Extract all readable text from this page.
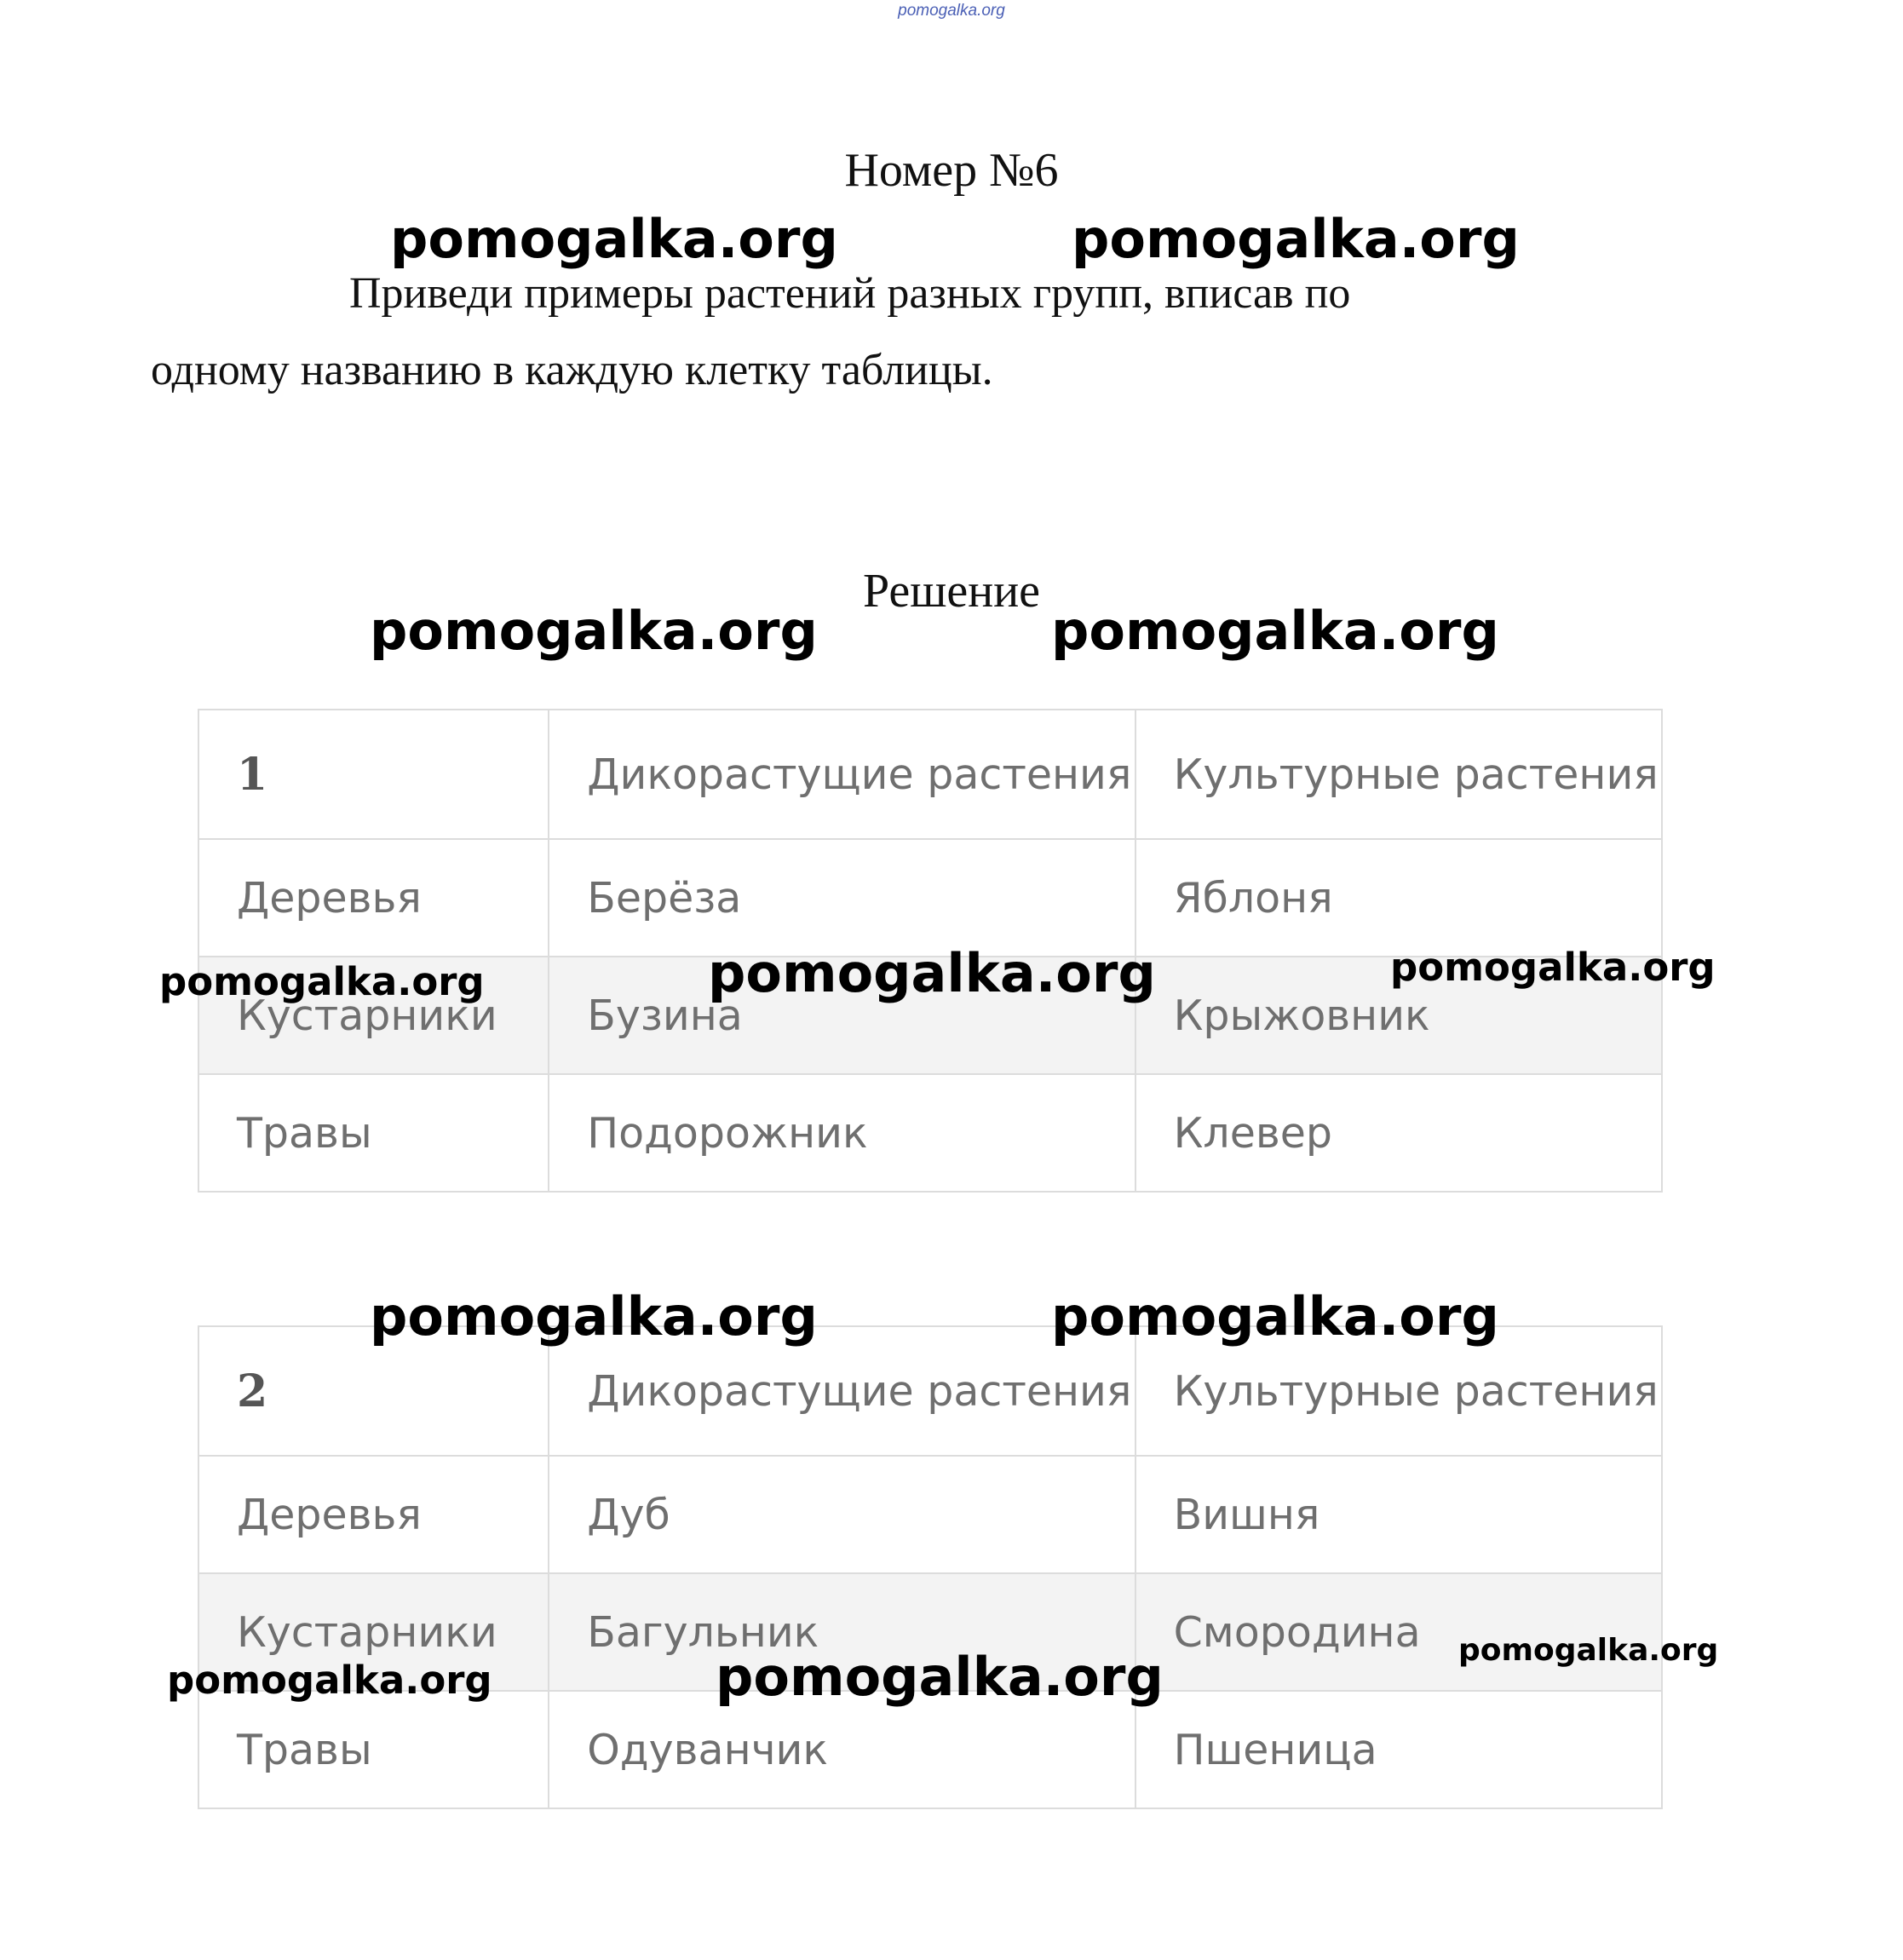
pomogalka.org
Номер №6
Приведи примеры растений разных групп, вписав по одному названию в каждую клетку таблицы.
Решение
1	Дикорастущие растения	Культурные растения
Деревья	Берёза	Яблоня
Кустарники	Бузина	Крыжовник
Травы	Подорожник	Клевер
2	Дикорастущие растения	Культурные растения
Деревья	Дуб	Вишня
Кустарники	Багульник	Смородина
Травы	Одуванчик	Пшеница
pomogalka.org	pomogalka.org
pomogalka.org	pomogalka.org
pomogalka.org	pomogalka.org	pomogalka.org
pomogalka.org	pomogalka.org
pomogalka.org	pomogalka.org	pomogalka.org
